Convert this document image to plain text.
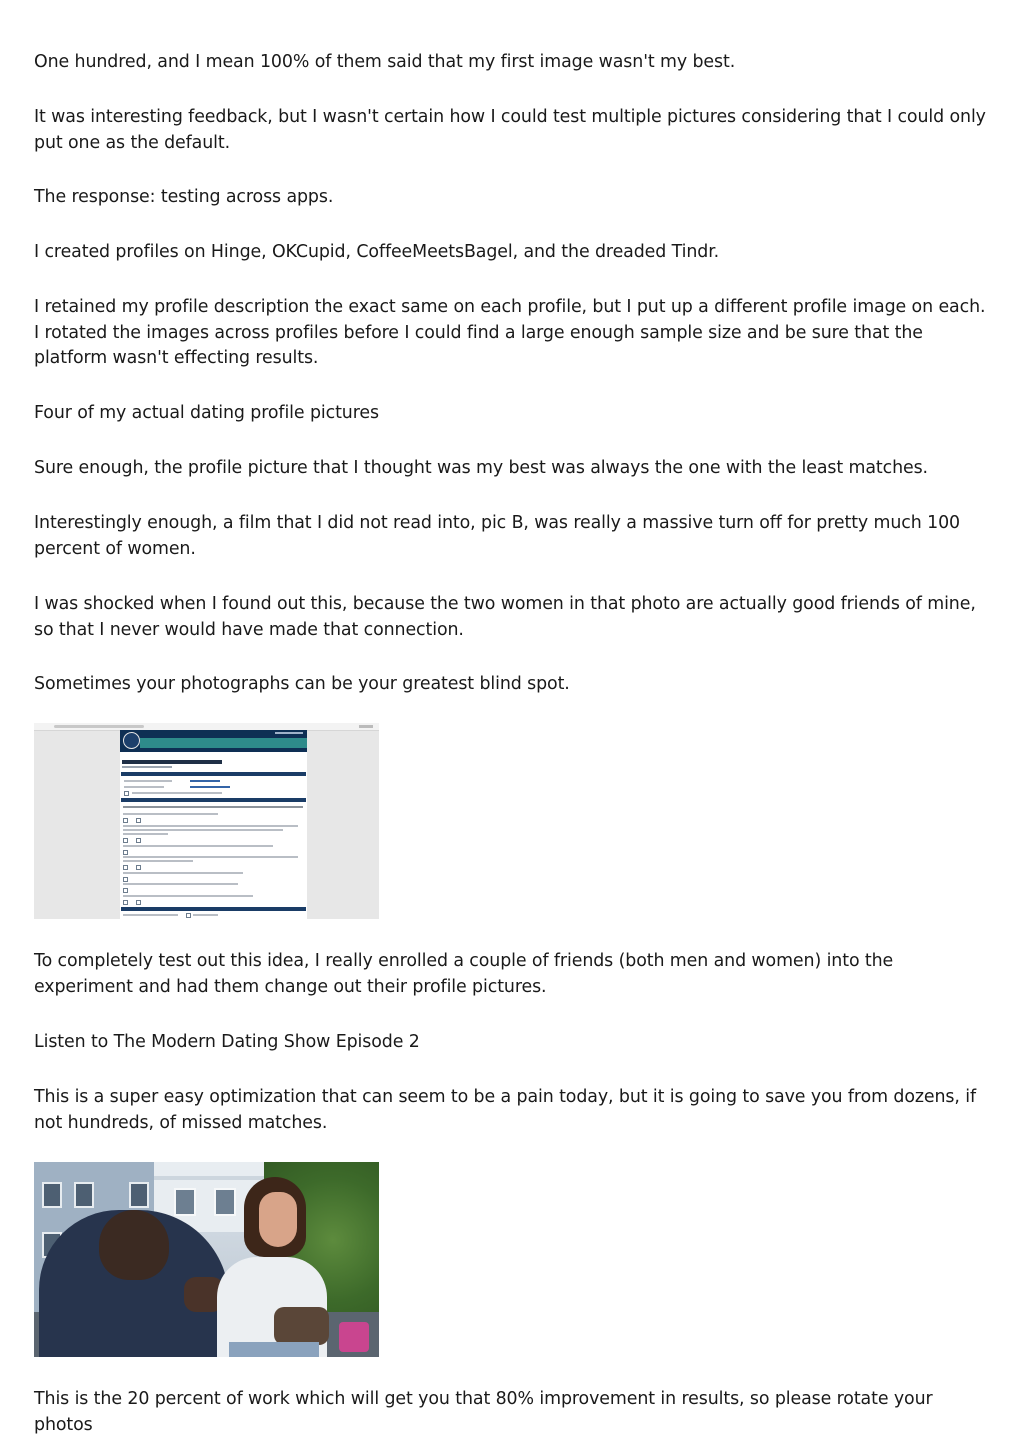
One hundred, and I mean 100% of them said that my first image wasn't my best.

It was interesting feedback, but I wasn't certain how I could test multiple pictures considering that I could only put one as the default.

The response: testing across apps.

I created profiles on Hinge, OKCupid, CoffeeMeetsBagel, and the dreaded Tindr.

I retained my profile description the exact same on each profile, but I put up a different profile image on each. I rotated the images across profiles before I could find a large enough sample size and be sure that the platform wasn't effecting results.

Four of my actual dating profile pictures

Sure enough, the profile picture that I thought was my best was always the one with the least matches.

Interestingly enough, a film that I did not read into, pic B, was really a massive turn off for pretty much 100 percent of women.

I was shocked when I found out this, because the two women in that photo are actually good friends of mine, so that I never would have made that connection.

Sometimes your photographs can be your greatest blind spot.

To completely test out this idea, I really enrolled a couple of friends (both men and women) into the experiment and had them change out their profile pictures.

Listen to The Modern Dating Show Episode 2

This is a super easy optimization that can seem to be a pain today, but it is going to save you from dozens, if not hundreds, of missed matches.

This is the 20 percent of work which will get you that 80% improvement in results, so please rotate your photos
